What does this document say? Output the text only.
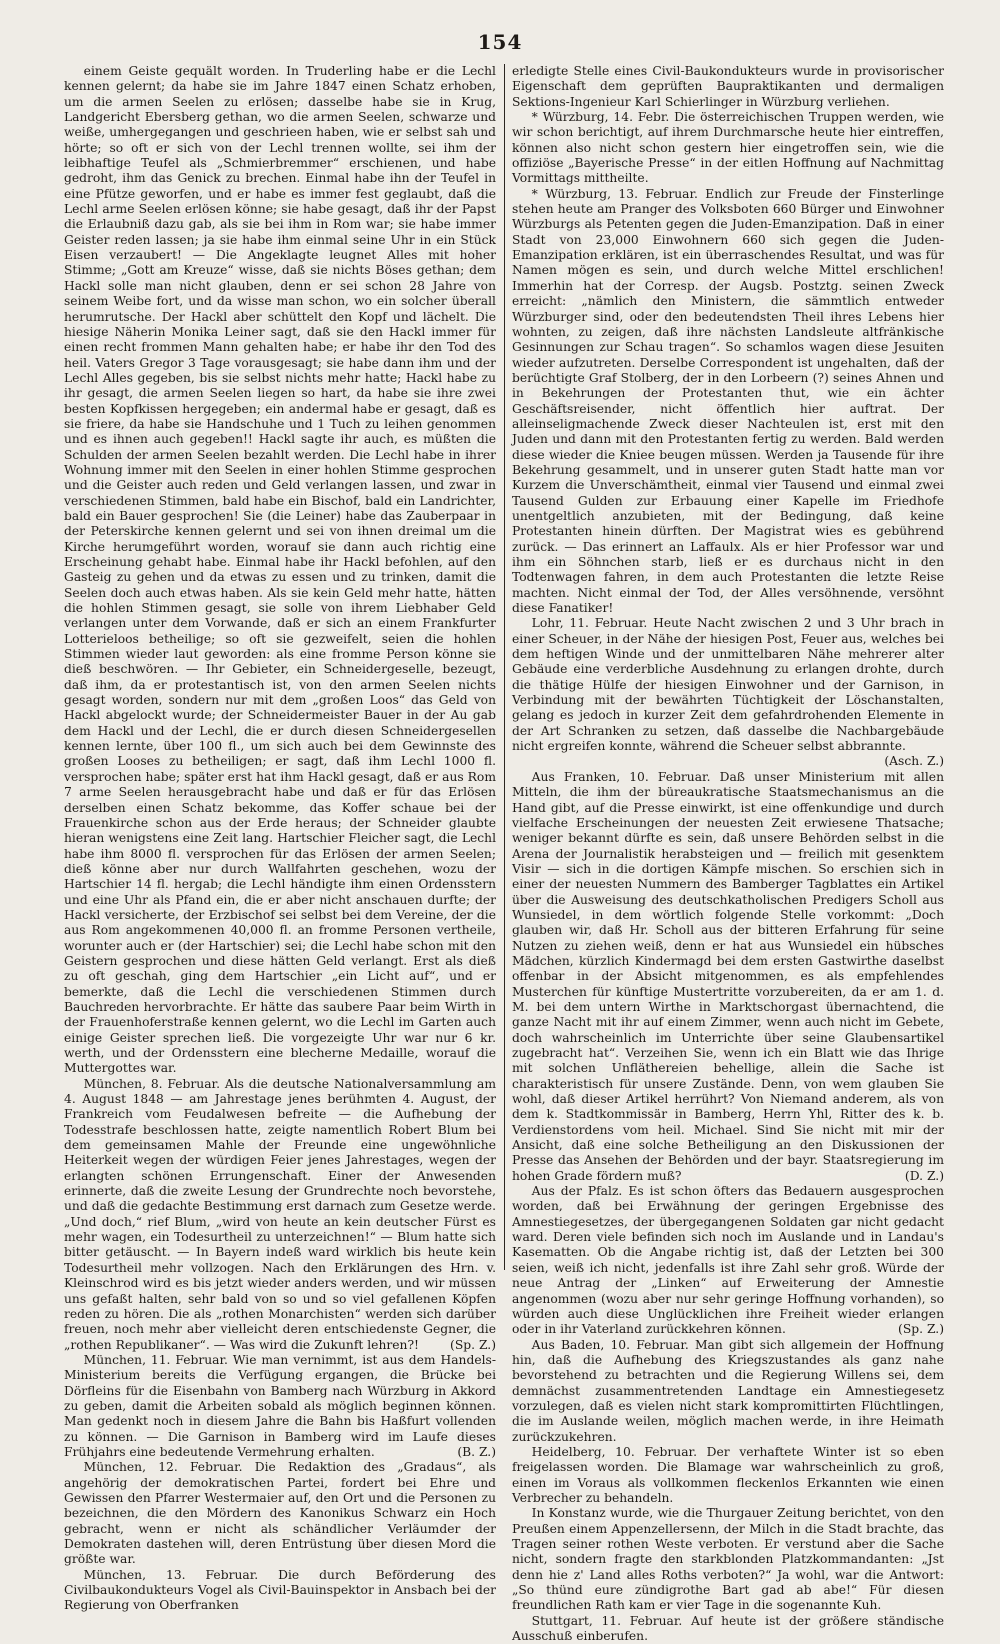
154

einem Geiste gequält worden. In Truderling habe er die Lechl kennen gelernt; da habe sie im Jahre 1847 einen Schatz erhoben, um die armen Seelen zu erlösen; dasselbe habe sie in Krug, Landgericht Ebersberg gethan, wo die armen Seelen, schwarze und weiße, umhergegangen und geschrieen haben, wie er selbst sah und hörte; so oft er sich von der Lechl trennen wollte, sei ihm der leibhaftige Teufel als „Schmierbremmer“ erschienen, und habe gedroht, ihm das Genick zu brechen. Einmal habe ihn der Teufel in eine Pfütze geworfen, und er habe es immer fest geglaubt, daß die Lechl arme Seelen erlösen könne; sie habe gesagt, daß ihr der Papst die Erlaubniß dazu gab, als sie bei ihm in Rom war; sie habe immer Geister reden lassen; ja sie habe ihm einmal seine Uhr in ein Stück Eisen verzaubert! — Die Angeklagte leugnet Alles mit hoher Stimme; „Gott am Kreuze“ wisse, daß sie nichts Böses gethan; dem Hackl solle man nicht glauben, denn er sei schon 28 Jahre von seinem Weibe fort, und da wisse man schon, wo ein solcher überall herumrutsche. Der Hackl aber schüttelt den Kopf und lächelt. Die hiesige Näherin Monika Leiner sagt, daß sie den Hackl immer für einen recht frommen Mann gehalten habe; er habe ihr den Tod des heil. Vaters Gregor 3 Tage vorausgesagt; sie habe dann ihm und der Lechl Alles gegeben, bis sie selbst nichts mehr hatte; Hackl habe zu ihr gesagt, die armen Seelen liegen so hart, da habe sie ihre zwei besten Kopfkissen hergegeben; ein andermal habe er gesagt, daß es sie friere, da habe sie Handschuhe und 1 Tuch zu leihen genommen und es ihnen auch gegeben!! Hackl sagte ihr auch, es müßten die Schulden der armen Seelen bezahlt werden. Die Lechl habe in ihrer Wohnung immer mit den Seelen in einer hohlen Stimme gesprochen und die Geister auch reden und Geld verlangen lassen, und zwar in verschiedenen Stimmen, bald habe ein Bischof, bald ein Landrichter, bald ein Bauer gesprochen! Sie (die Leiner) habe das Zauberpaar in der Peterskirche kennen gelernt und sei von ihnen dreimal um die Kirche herumgeführt worden, worauf sie dann auch richtig eine Erscheinung gehabt habe. Einmal habe ihr Hackl befohlen, auf den Gasteig zu gehen und da etwas zu essen und zu trinken, damit die Seelen doch auch etwas haben. Als sie kein Geld mehr hatte, hätten die hohlen Stimmen gesagt, sie solle von ihrem Liebhaber Geld verlangen unter dem Vorwande, daß er sich an einem Frankfurter Lotterieloos betheilige; so oft sie gezweifelt, seien die hohlen Stimmen wieder laut geworden: als eine fromme Person könne sie dieß beschwören. — Ihr Gebieter, ein Schneidergeselle, bezeugt, daß ihm, da er protestantisch ist, von den armen Seelen nichts gesagt worden, sondern nur mit dem „großen Loos“ das Geld von Hackl abgelockt wurde; der Schneidermeister Bauer in der Au gab dem Hackl und der Lechl, die er durch diesen Schneidergesellen kennen lernte, über 100 fl., um sich auch bei dem Gewinnste des großen Looses zu betheiligen; er sagt, daß ihm Lechl 1000 fl. versprochen habe; später erst hat ihm Hackl gesagt, daß er aus Rom 7 arme Seelen herausgebracht habe und daß er für das Erlösen derselben einen Schatz bekomme, das Koffer schaue bei der Frauenkirche schon aus der Erde heraus; der Schneider glaubte hieran wenigstens eine Zeit lang. Hartschier Fleicher sagt, die Lechl habe ihm 8000 fl. versprochen für das Erlösen der armen Seelen; dieß könne aber nur durch Wallfahrten geschehen, wozu der Hartschier 14 fl. hergab; die Lechl händigte ihm einen Ordensstern und eine Uhr als Pfand ein, die er aber nicht anschauen durfte; der Hackl versicherte, der Erzbischof sei selbst bei dem Vereine, der die aus Rom angekommenen 40,000 fl. an fromme Personen vertheile, worunter auch er (der Hartschier) sei; die Lechl habe schon mit den Geistern gesprochen und diese hätten Geld verlangt. Erst als dieß zu oft geschah, ging dem Hartschier „ein Licht auf“, und er bemerkte, daß die Lechl die verschiedenen Stimmen durch Bauchreden hervorbrachte. Er hätte das saubere Paar beim Wirth in der Frauenhoferstraße kennen gelernt, wo die Lechl im Garten auch einige Geister sprechen ließ. Die vorgezeigte Uhr war nur 6 kr. werth, und der Ordensstern eine blecherne Medaille, worauf die Muttergottes war.

München, 8. Februar. Als die deutsche Nationalversammlung am 4. August 1848 — am Jahrestage jenes berühmten 4. August, der Frankreich vom Feudalwesen befreite — die Aufhebung der Todesstrafe beschlossen hatte, zeigte namentlich Robert Blum bei dem gemeinsamen Mahle der Freunde eine ungewöhnliche Heiterkeit wegen der würdigen Feier jenes Jahrestages, wegen der erlangten schönen Errungenschaft. Einer der Anwesenden erinnerte, daß die zweite Lesung der Grundrechte noch bevorstehe, und daß die gedachte Bestimmung erst darnach zum Gesetze werde. „Und doch,“ rief Blum, „wird von heute an kein deutscher Fürst es mehr wagen, ein Todesurtheil zu unterzeichnen!“ — Blum hatte sich bitter getäuscht. — In Bayern indeß ward wirklich bis heute kein Todesurtheil mehr vollzogen. Nach den Erklärungen des Hrn. v. Kleinschrod wird es bis jetzt wieder anders werden, und wir müssen uns gefaßt halten, sehr bald von so und so viel gefallenen Köpfen reden zu hören. Die als „rothen Monarchisten“ werden sich darüber freuen, noch mehr aber vielleicht deren entschiedenste Gegner, die „rothen Republikaner“. — Was wird die Zukunft lehren?!	(Sp. Z.)

München, 11. Februar. Wie man vernimmt, ist aus dem Handels-Ministerium bereits die Verfügung ergangen, die Brücke bei Dörfleins für die Eisenbahn von Bamberg nach Würzburg in Akkord zu geben, damit die Arbeiten sobald als möglich beginnen können. Man gedenkt noch in diesem Jahre die Bahn bis Haßfurt vollenden zu können. — Die Garnison in Bamberg wird im Laufe dieses Frühjahrs eine bedeutende Vermehrung erhalten.	(B. Z.)

München, 12. Februar. Die Redaktion des „Gradaus“, als angehörig der demokratischen Partei, fordert bei Ehre und Gewissen den Pfarrer Westermaier auf, den Ort und die Personen zu bezeichnen, die den Mördern des Kanonikus Schwarz ein Hoch gebracht, wenn er nicht als schändlicher Verläumder der Demokraten dastehen will, deren Entrüstung über diesen Mord die größte war.

München, 13. Februar. Die durch Beförderung des Civilbaukondukteurs Vogel als Civil-Bauinspektor in Ansbach bei der Regierung von Oberfranken

erledigte Stelle eines Civil-Baukondukteurs wurde in provisorischer Eigenschaft dem geprüften Baupraktikanten und dermaligen Sektions-Ingenieur Karl Schierlinger in Würzburg verliehen.

* Würzburg, 14. Febr. Die österreichischen Truppen werden, wie wir schon berichtigt, auf ihrem Durchmarsche heute hier eintreffen, können also nicht schon gestern hier eingetroffen sein, wie die offiziöse „Bayerische Presse“ in der eitlen Hoffnung auf Nachmittag Vormittags mittheilte.

* Würzburg, 13. Februar. Endlich zur Freude der Finsterlinge stehen heute am Pranger des Volksboten 660 Bürger und Einwohner Würzburgs als Petenten gegen die Juden-Emanzipation. Daß in einer Stadt von 23,000 Einwohnern 660 sich gegen die Juden-Emanzipation erklären, ist ein überraschendes Resultat, und was für Namen mögen es sein, und durch welche Mittel erschlichen! Immerhin hat der Corresp. der Augsb. Postztg. seinen Zweck erreicht: „nämlich den Ministern, die sämmtlich entweder Würzburger sind, oder den bedeutendsten Theil ihres Lebens hier wohnten, zu zeigen, daß ihre nächsten Landsleute altfränkische Gesinnungen zur Schau tragen“. So schamlos wagen diese Jesuiten wieder aufzutreten. Derselbe Correspondent ist ungehalten, daß der berüchtigte Graf Stolberg, der in den Lorbeern (?) seines Ahnen und in Bekehrungen der Protestanten thut, wie ein ächter Geschäftsreisender, nicht öffentlich hier auftrat. Der alleinseligmachende Zweck dieser Nachteulen ist, erst mit den Juden und dann mit den Protestanten fertig zu werden. Bald werden diese wieder die Kniee beugen müssen. Werden ja Tausende für ihre Bekehrung gesammelt, und in unserer guten Stadt hatte man vor Kurzem die Unverschämtheit, einmal vier Tausend und einmal zwei Tausend Gulden zur Erbauung einer Kapelle im Friedhofe unentgeltlich anzubieten, mit der Bedingung, daß keine Protestanten hinein dürften. Der Magistrat wies es gebührend zurück. — Das erinnert an Laffaulx. Als er hier Professor war und ihm ein Söhnchen starb, ließ er es durchaus nicht in den Todtenwagen fahren, in dem auch Protestanten die letzte Reise machten. Nicht einmal der Tod, der Alles versöhnende, versöhnt diese Fanatiker!

Lohr, 11. Februar. Heute Nacht zwischen 2 und 3 Uhr brach in einer Scheuer, in der Nähe der hiesigen Post, Feuer aus, welches bei dem heftigen Winde und der unmittelbaren Nähe mehrerer alter Gebäude eine verderbliche Ausdehnung zu erlangen drohte, durch die thätige Hülfe der hiesigen Einwohner und der Garnison, in Verbindung mit der bewährten Tüchtigkeit der Löschanstalten, gelang es jedoch in kurzer Zeit dem gefahrdrohenden Elemente in der Art Schranken zu setzen, daß dasselbe die Nachbargebäude nicht ergreifen konnte, während die Scheuer selbst abbrannte.
(Asch. Z.)

Aus Franken, 10. Februar. Daß unser Ministerium mit allen Mitteln, die ihm der büreaukratische Staatsmechanismus an die Hand gibt, auf die Presse einwirkt, ist eine offenkundige und durch vielfache Erscheinungen der neuesten Zeit erwiesene Thatsache; weniger bekannt dürfte es sein, daß unsere Behörden selbst in die Arena der Journalistik herabsteigen und — freilich mit gesenktem Visir — sich in die dortigen Kämpfe mischen. So erschien sich in einer der neuesten Nummern des Bamberger Tagblattes ein Artikel über die Ausweisung des deutschkatholischen Predigers Scholl aus Wunsiedel, in dem wörtlich folgende Stelle vorkommt: „Doch glauben wir, daß Hr. Scholl aus der bitteren Erfahrung für seine Nutzen zu ziehen weiß, denn er hat aus Wunsiedel ein hübsches Mädchen, kürzlich Kindermagd bei dem ersten Gastwirthe daselbst offenbar in der Absicht mitgenommen, es als empfehlendes Musterchen für künftige Mustertritte vorzubereiten, da er am 1. d. M. bei dem untern Wirthe in Marktschorgast übernachtend, die ganze Nacht mit ihr auf einem Zimmer, wenn auch nicht im Gebete, doch wahrscheinlich im Unterrichte über seine Glaubensartikel zugebracht hat“. Verzeihen Sie, wenn ich ein Blatt wie das Ihrige mit solchen Unfläthereien behellige, allein die Sache ist charakteristisch für unsere Zustände. Denn, von wem glauben Sie wohl, daß dieser Artikel herrührt? Von Niemand anderem, als von dem k. Stadtkommissär in Bamberg, Herrn Yhl, Ritter des k. b. Verdienstordens vom heil. Michael. Sind Sie nicht mit mir der Ansicht, daß eine solche Betheiligung an den Diskussionen der Presse das Ansehen der Behörden und der bayr. Staatsregierung im hohen Grade fördern muß?	(D. Z.)

Aus der Pfalz. Es ist schon öfters das Bedauern ausgesprochen worden, daß bei Erwähnung der geringen Ergebnisse des Amnestiegesetzes, der übergegangenen Soldaten gar nicht gedacht ward. Deren viele befinden sich noch im Auslande und in Landau's Kasematten. Ob die Angabe richtig ist, daß der Letzten bei 300 seien, weiß ich nicht, jedenfalls ist ihre Zahl sehr groß. Würde der neue Antrag der „Linken“ auf Erweiterung der Amnestie angenommen (wozu aber nur sehr geringe Hoffnung vorhanden), so würden auch diese Unglücklichen ihre Freiheit wieder erlangen oder in ihr Vaterland zurückkehren können.	(Sp. Z.)

Aus Baden, 10. Februar. Man gibt sich allgemein der Hoffnung hin, daß die Aufhebung des Kriegszustandes als ganz nahe bevorstehend zu betrachten und die Regierung Willens sei, dem demnächst zusammentretenden Landtage ein Amnestiegesetz vorzulegen, daß es vielen nicht stark kompromittirten Flüchtlingen, die im Auslande weilen, möglich machen werde, in ihre Heimath zurückzukehren.

Heidelberg, 10. Februar. Der verhaftete Winter ist so eben freigelassen worden. Die Blamage war wahrscheinlich zu groß, einen im Voraus als vollkommen fleckenlos Erkannten wie einen Verbrecher zu behandeln.

In Konstanz wurde, wie die Thurgauer Zeitung berichtet, von den Preußen einem Appenzellersenn, der Milch in die Stadt brachte, das Tragen seiner rothen Weste verboten. Er verstund aber die Sache nicht, sondern fragte den starkblonden Platzkommandanten: „Jst denn hie z' Land alles Roths verboten?“ Ja wohl, war die Antwort: „So thünd eure zündigrothe Bart gad ab abe!“ Für diesen freundlichen Rath kam er vier Tage in die sogenannte Kuh.

Stuttgart, 11. Februar. Auf heute ist der größere ständische Ausschuß einberufen.
